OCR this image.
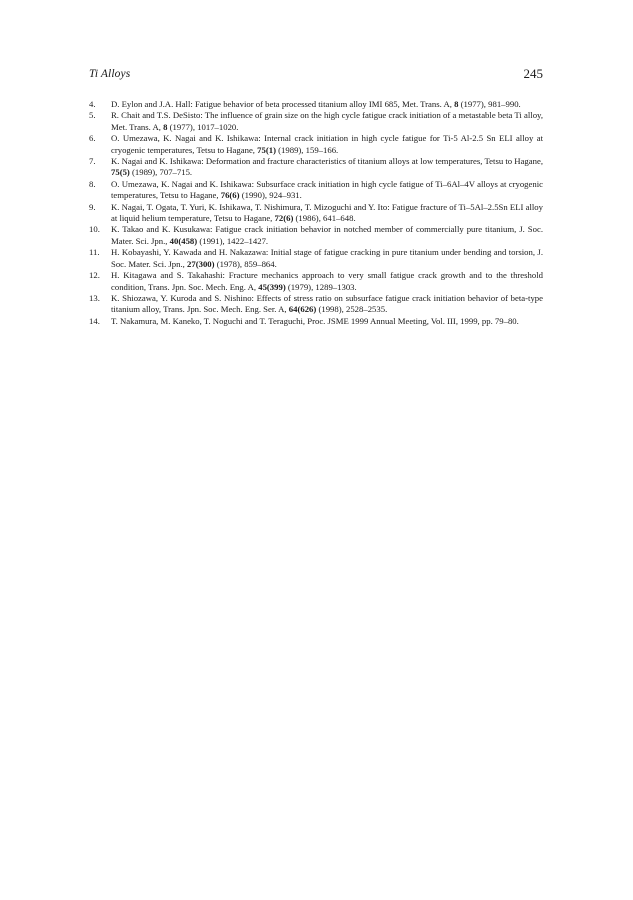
Ti Alloys	245
4.	D. Eylon and J.A. Hall: Fatigue behavior of beta processed titanium alloy IMI 685, Met. Trans. A, 8 (1977), 981–990.
5.	R. Chait and T.S. DeSisto: The influence of grain size on the high cycle fatigue crack initiation of a metastable beta Ti alloy, Met. Trans. A, 8 (1977), 1017–1020.
6.	O. Umezawa, K. Nagai and K. Ishikawa: Internal crack initiation in high cycle fatigue for Ti-5 Al-2.5 Sn ELI alloy at cryogenic temperatures, Tetsu to Hagane, 75(1) (1989), 159–166.
7.	K. Nagai and K. Ishikawa: Deformation and fracture characteristics of titanium alloys at low temperatures, Tetsu to Hagane, 75(5) (1989), 707–715.
8.	O. Umezawa, K. Nagai and K. Ishikawa: Subsurface crack initiation in high cycle fatigue of Ti–6Al–4V alloys at cryogenic temperatures, Tetsu to Hagane, 76(6) (1990), 924–931.
9.	K. Nagai, T. Ogata, T. Yuri, K. Ishikawa, T. Nishimura, T. Mizoguchi and Y. Ito: Fatigue fracture of Ti–5Al–2.5Sn ELI alloy at liquid helium temperature, Tetsu to Hagane, 72(6) (1986), 641–648.
10.	K. Takao and K. Kusukawa: Fatigue crack initiation behavior in notched member of commercially pure titanium, J. Soc. Mater. Sci. Jpn., 40(458) (1991), 1422–1427.
11.	H. Kobayashi, Y. Kawada and H. Nakazawa: Initial stage of fatigue cracking in pure titanium under bending and torsion, J. Soc. Mater. Sci. Jpn., 27(300) (1978), 859–864.
12.	H. Kitagawa and S. Takahashi: Fracture mechanics approach to very small fatigue crack growth and to the threshold condition, Trans. Jpn. Soc. Mech. Eng. A, 45(399) (1979), 1289–1303.
13.	K. Shiozawa, Y. Kuroda and S. Nishino: Effects of stress ratio on subsurface fatigue crack initiation behavior of beta-type titanium alloy, Trans. Jpn. Soc. Mech. Eng. Ser. A, 64(626) (1998), 2528–2535.
14.	T. Nakamura, M. Kaneko, T. Noguchi and T. Teraguchi, Proc. JSME 1999 Annual Meeting, Vol. III, 1999, pp. 79–80.
